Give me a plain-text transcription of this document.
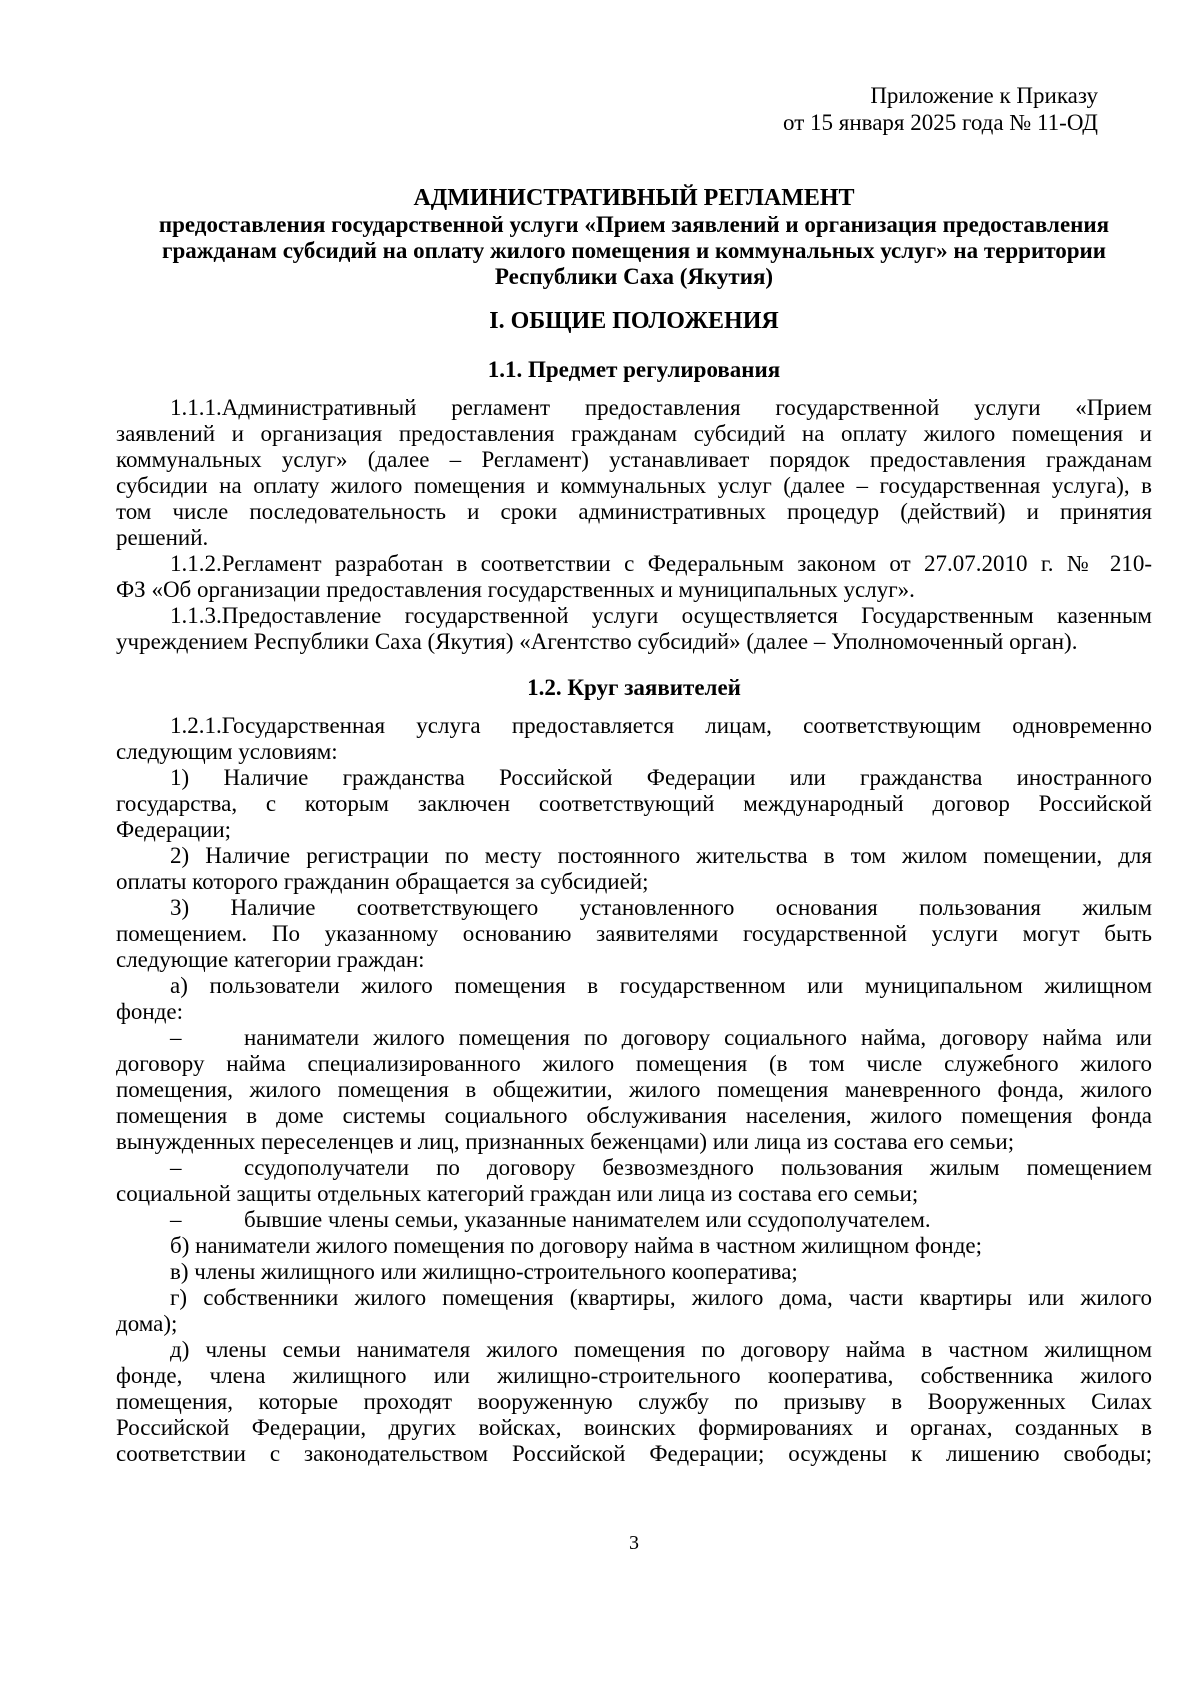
Приложение к Приказу
от 15 января 2025 года № 11-ОД
АДМИНИСТРАТИВНЫЙ РЕГЛАМЕНТ
предоставления государственной услуги «Прием заявлений и организация предоставления
гражданам субсидий на оплату жилого помещения и коммунальных услуг» на территории
Республики Саха (Якутия)
I. ОБЩИЕ ПОЛОЖЕНИЯ
1.1. Предмет регулирования
1.1.1.Административный регламент предоставления государственной услуги «Прием
заявлений и организация предоставления гражданам субсидий на оплату жилого помещения и
коммунальных услуг» (далее – Регламент) устанавливает порядок предоставления гражданам
субсидии на оплату жилого помещения и коммунальных услуг (далее – государственная услуга), в
том числе последовательность и сроки административных процедур (действий) и принятия
решений.
1.1.2.Регламент разработан в соответствии с Федеральным законом от 27.07.2010 г. № 210-
ФЗ «Об организации предоставления государственных и муниципальных услуг».
1.1.3.Предоставление государственной услуги осуществляется Государственным казенным
учреждением Республики Саха (Якутия) «Агентство субсидий» (далее – Уполномоченный орган).
1.2. Круг заявителей
1.2.1.Государственная услуга предоставляется лицам, соответствующим одновременно
следующим условиям:
1) Наличие гражданства Российской Федерации или гражданства иностранного
государства, с которым заключен соответствующий международный договор Российской
Федерации;
2) Наличие регистрации по месту постоянного жительства в том жилом помещении, для
оплаты которого гражданин обращается за субсидией;
3) Наличие соответствующего установленного основания пользования жилым
помещением. По указанному основанию заявителями государственной услуги могут быть
следующие категории граждан:
а) пользователи жилого помещения в государственном или муниципальном жилищном
фонде:
–	наниматели жилого помещения по договору социального найма, договору найма или
договору найма специализированного жилого помещения (в том числе служебного жилого
помещения, жилого помещения в общежитии, жилого помещения маневренного фонда, жилого
помещения в доме системы социального обслуживания населения, жилого помещения фонда
вынужденных переселенцев и лиц, признанных беженцами) или лица из состава его семьи;
–	ссудополучатели по договору безвозмездного пользования жилым помещением
социальной защиты отдельных категорий граждан или лица из состава его семьи;
–	бывшие члены семьи, указанные нанимателем или ссудополучателем.
б) наниматели жилого помещения по договору найма в частном жилищном фонде;
в) члены жилищного или жилищно-строительного кооператива;
г) собственники жилого помещения (квартиры, жилого дома, части квартиры или жилого
дома);
д) члены семьи нанимателя жилого помещения по договору найма в частном жилищном
фонде, члена жилищного или жилищно-строительного кооператива, собственника жилого
помещения, которые проходят вооруженную службу по призыву в Вооруженных Силах
Российской Федерации, других войсках, воинских формированиях и органах, созданных в
соответствии с законодательством Российской Федерации; осуждены к лишению свободы;
3
